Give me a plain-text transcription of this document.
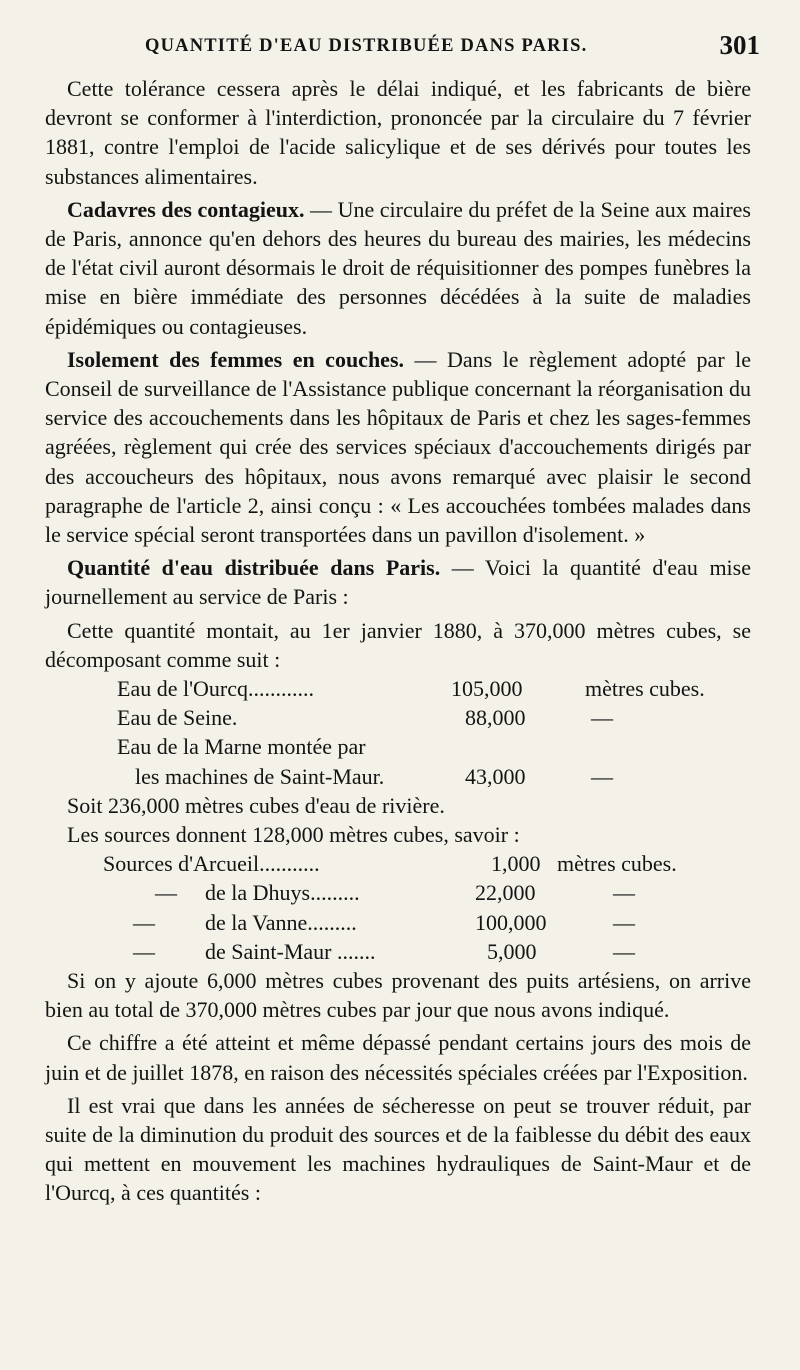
QUANTITÉ D'EAU DISTRIBUÉE DANS PARIS.	301

Cette tolérance cessera après le délai indiqué, et les fabricants de bière devront se conformer à l'interdiction, prononcée par la circulaire du 7 février 1881, contre l'emploi de l'acide salicylique et de ses dérivés pour toutes les substances alimentaires.

Cadavres des contagieux. — Une circulaire du préfet de la Seine aux maires de Paris, annonce qu'en dehors des heures du bureau des mairies, les médecins de l'état civil auront désormais le droit de réquisitionner des pompes funèbres la mise en bière immédiate des personnes décédées à la suite de maladies épidémiques ou contagieuses.

Isolement des femmes en couches. — Dans le règlement adopté par le Conseil de surveillance de l'Assistance publique concernant la réorganisation du service des accouchements dans les hôpitaux de Paris et chez les sages-femmes agréées, règlement qui crée des services spéciaux d'accouchements dirigés par des accoucheurs des hôpitaux, nous avons remarqué avec plaisir le second paragraphe de l'article 2, ainsi conçu : « Les accouchées tombées malades dans le service spécial seront transportées dans un pavillon d'isolement. »

Quantité d'eau distribuée dans Paris. — Voici la quantité d'eau mise journellement au service de Paris :

Cette quantité montait, au 1er janvier 1880, à 370,000 mètres cubes, se décomposant comme suit :

Eau de l'Ourcq............	105,000	mètres cubes.
Eau de Seine.	88,000	—
Eau de la Marne montée par
les machines de Saint-Maur.	43,000	—

Soit 236,000 mètres cubes d'eau de rivière.

Les sources donnent 128,000 mètres cubes, savoir :

Sources d'Arcueil...........	1,000 mètres cubes.
— de la Dhuys.........	22,000	—
— de la Vanne.........	100,000	—
— de Saint-Maur .......	5,000	—

Si on y ajoute 6,000 mètres cubes provenant des puits artésiens, on arrive bien au total de 370,000 mètres cubes par jour que nous avons indiqué.

Ce chiffre a été atteint et même dépassé pendant certains jours des mois de juin et de juillet 1878, en raison des nécessités spéciales créées par l'Exposition.

Il est vrai que dans les années de sécheresse on peut se trouver réduit, par suite de la diminution du produit des sources et de la faiblesse du débit des eaux qui mettent en mouvement les machines hydrauliques de Saint-Maur et de l'Ourcq, à ces quantités :
